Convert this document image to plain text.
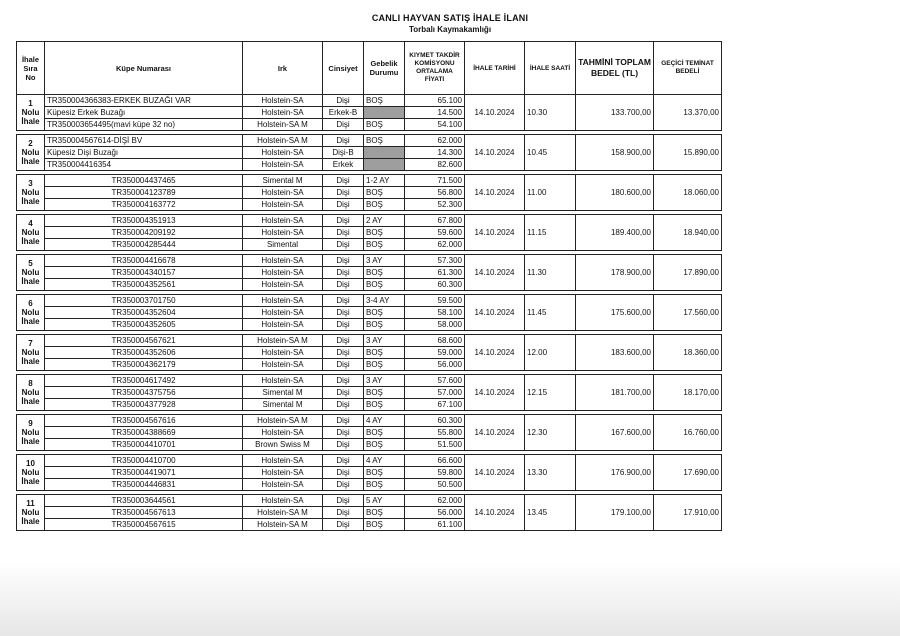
CANLI HAYVAN SATIŞ İHALE İLANI
Torbalı Kaymakamlığı
İhale Sıra No	Küpe Numarası	Irk	Cinsiyet	Gebelik Durumu	KIYMET TAKDİR KOMİSYONU ORTALAMA FİYATI	İHALE TARİHİ	İHALE SAATİ	TAHMİNİ TOPLAM BEDEL (TL)	GEÇİCİ TEMİNAT BEDELİ

1
Nolu
İhale	TR350004366383-ERKEK BUZAĞI VAR	Holstein-SA	Dişi	BOŞ	65.100	14.10.2024	10.30	133.700,00	13.370,00
	Küpesiz Erkek Buzağı	Holstein-SA	Erkek-B		14.500				
	TR350003654495(mavi küpe 32 no)	Holstein-SA M	Dişi	BOŞ	54.100				

2
Nolu
İhale	TR350004567614-DİŞİ BV	Holstein-SA M	Dişi	BOŞ	62.000	14.10.2024	10.45	158.900,00	15.890,00
	Küpesiz Dişi Buzağı	Holstein-SA	Dişi-B		14.300				
	TR350004416354	Holstein-SA	Erkek		82.600				

3
Nolu
İhale	TR350004437465	Simental M	Dişi	1-2 AY	71.500	14.10.2024	11.00	180.600,00	18.060,00
	TR350004123789	Holstein-SA	Dişi	BOŞ	56.800				
	TR350004163772	Holstein-SA	Dişi	BOŞ	52.300				

4
Nolu
İhale	TR350004351913	Holstein-SA	Dişi	2 AY	67.800	14.10.2024	11.15	189.400,00	18.940,00
	TR350004209192	Holstein-SA	Dişi	BOŞ	59.600				
	TR350004285444	Simental	Dişi	BOŞ	62.000				

5
Nolu
İhale	TR350004416678	Holstein-SA	Dişi	3 AY	57.300	14.10.2024	11.30	178.900,00	17.890,00
	TR350004340157	Holstein-SA	Dişi	BOŞ	61.300				
	TR350004352561	Holstein-SA	Dişi	BOŞ	60.300				

6
Nolu
İhale	TR350003701750	Holstein-SA	Dişi	3-4 AY	59.500	14.10.2024	11.45	175.600,00	17.560,00
	TR350004352604	Holstein-SA	Dişi	BOŞ	58.100				
	TR350004352605	Holstein-SA	Dişi	BOŞ	58.000				

7
Nolu
İhale	TR350004567621	Holstein-SA M	Dişi	3 AY	68.600	14.10.2024	12.00	183.600,00	18.360,00
	TR350004352606	Holstein-SA	Dişi	BOŞ	59.000				
	TR350004362179	Holstein-SA	Dişi	BOŞ	56.000				

8
Nolu
İhale	TR350004617492	Holstein-SA	Dişi	3 AY	57.600	14.10.2024	12.15	181.700,00	18.170,00
	TR350004375756	Simental M	Dişi	BOŞ	57.000				
	TR350004377928	Simental M	Dişi	BOŞ	67.100				

9
Nolu
İhale	TR350004567616	Holstein-SA M	Dişi	4 AY	60.300	14.10.2024	12.30	167.600,00	16.760,00
	TR350004388669	Holstein-SA	Dişi	BOŞ	55.800				
	TR350004410701	Brown Swiss M	Dişi	BOŞ	51.500				

10
Nolu
İhale	TR350004410700	Holstein-SA	Dişi	4 AY	66.600	14.10.2024	13.30	176.900,00	17.690,00
	TR350004419071	Holstein-SA	Dişi	BOŞ	59.800				
	TR350004446831	Holstein-SA	Dişi	BOŞ	50.500				

11
Nolu
İhale	TR350003644561	Holstein-SA	Dişi	5 AY	62.000	14.10.2024	13.45	179.100,00	17.910,00
	TR350004567613	Holstein-SA M	Dişi	BOŞ	56.000				
	TR350004567615	Holstein-SA M	Dişi	BOŞ	61.100				
